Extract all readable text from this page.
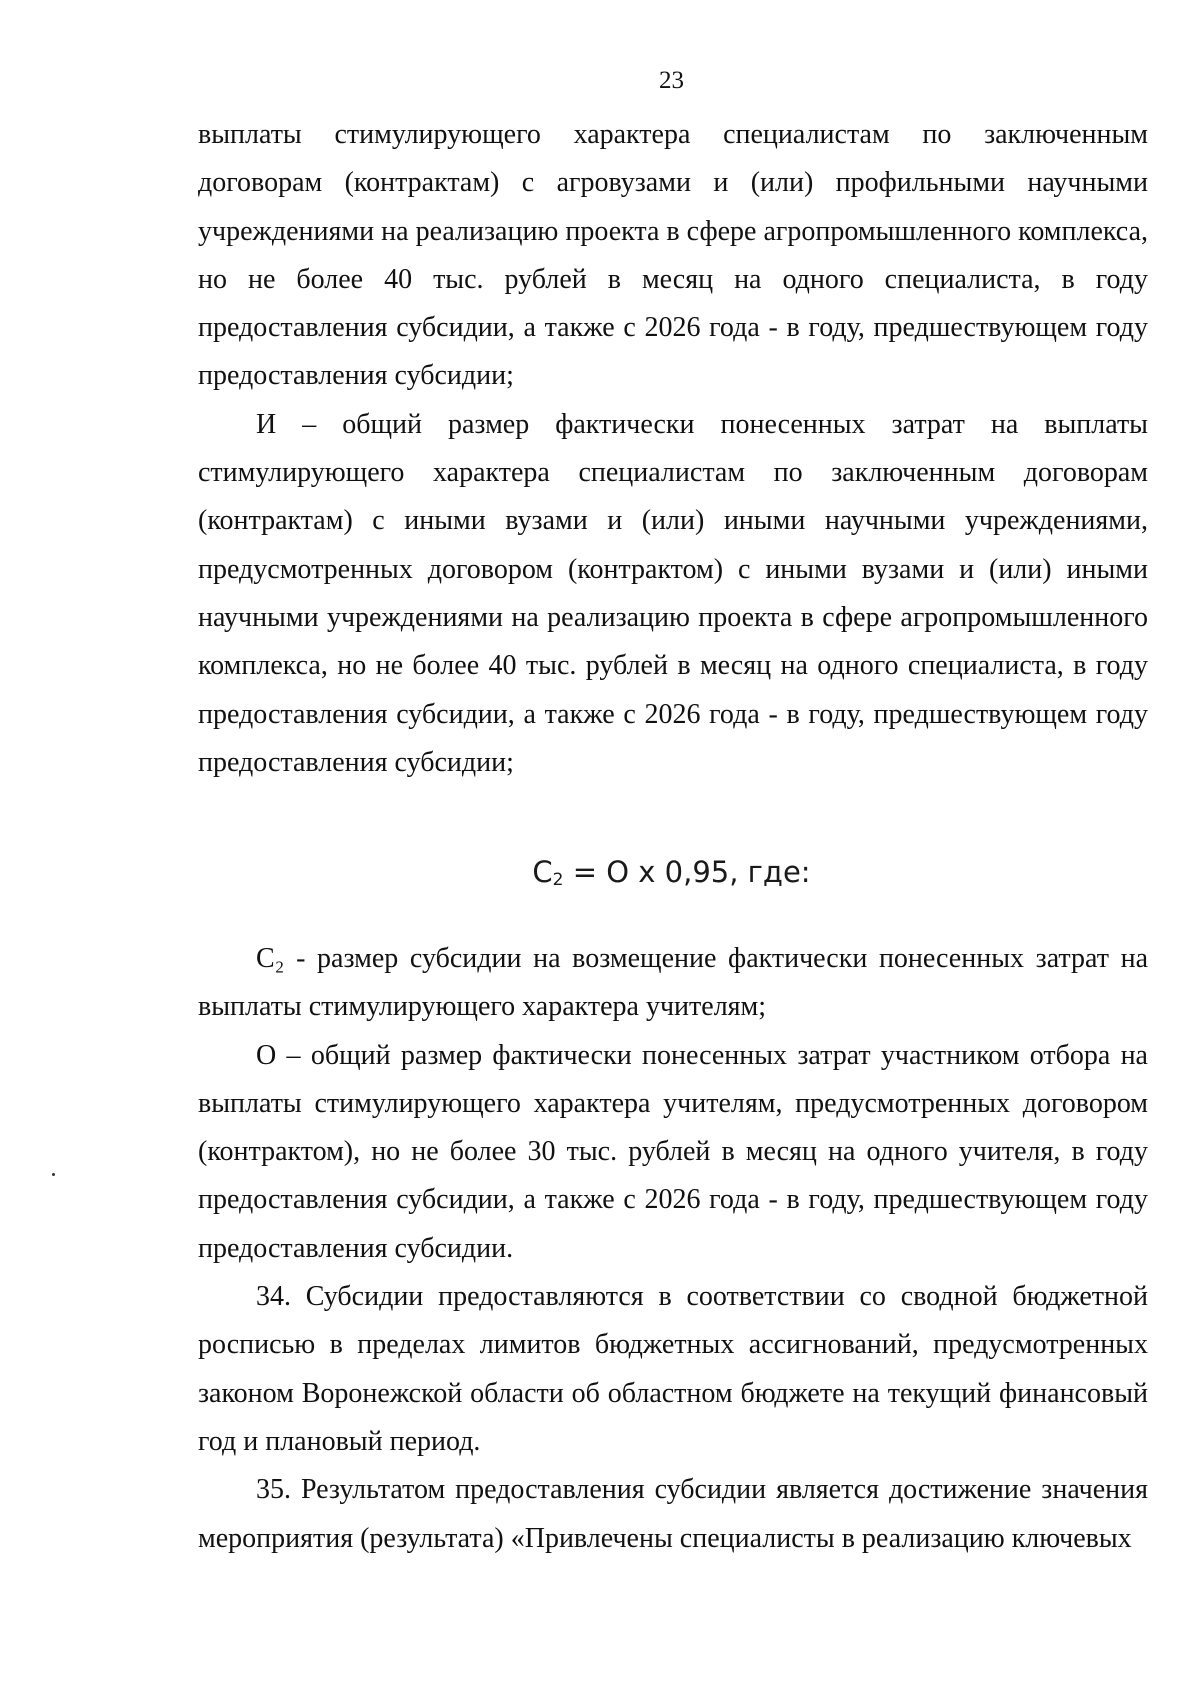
23

выплаты стимулирующего характера специалистам по заключенным договорам (контрактам) с агровузами и (или) профильными научными учреждениями на реализацию проекта в сфере агропромышленного комплекса, но не более 40 тыс. рублей в месяц на одного специалиста, в году предоставления субсидии, а также с 2026 года - в году, предшествующем году предоставления субсидии;

И – общий размер фактически понесенных затрат на выплаты стимулирующего характера специалистам по заключенным договорам (контрактам) с иными вузами и (или) иными научными учреждениями, предусмотренных договором (контрактом) с иными вузами и (или) иными научными учреждениями на реализацию проекта в сфере агропромышленного комплекса, но не более 40 тыс. рублей в месяц на одного специалиста, в году предоставления субсидии, а также с 2026 года - в году, предшествующем году предоставления субсидии;

$C_2 = O$ x 0,95, где:

C₂ - размер субсидии на возмещение фактически понесенных затрат на выплаты стимулирующего характера учителям;

О – общий размер фактически понесенных затрат участником отбора на выплаты стимулирующего характера учителям, предусмотренных договором (контрактом), но не более 30 тыс. рублей в месяц на одного учителя, в году предоставления субсидии, а также с 2026 года - в году, предшествующем году предоставления субсидии.

34. Субсидии предоставляются в соответствии со сводной бюджетной росписью в пределах лимитов бюджетных ассигнований, предусмотренных законом Воронежской области об областном бюджете на текущий финансовый год и плановый период.

35. Результатом предоставления субсидии является достижение значения мероприятия (результата) «Привлечены специалисты в реализацию ключевых
